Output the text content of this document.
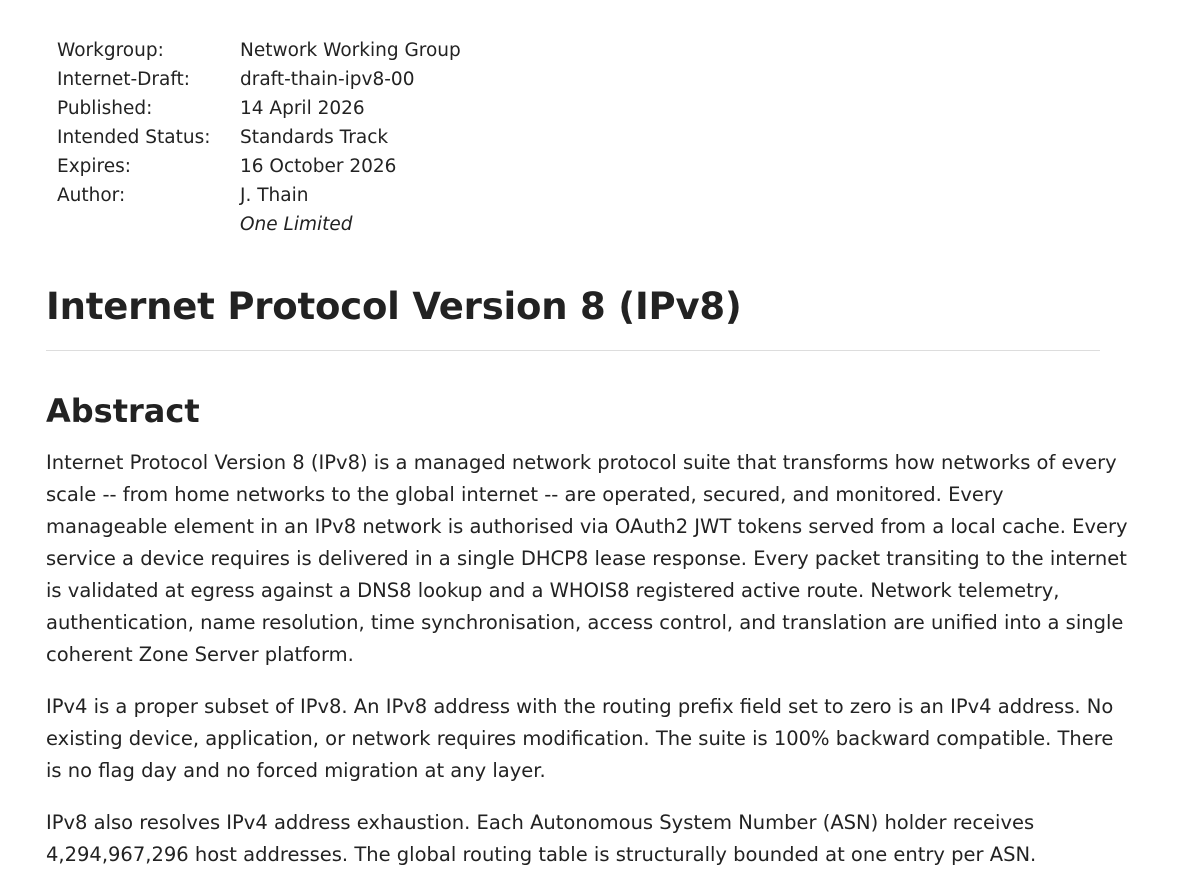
Workgroup:	Network Working Group
Internet-Draft:	draft-thain-ipv8-00
Published:	14 April 2026
Intended Status:	Standards Track
Expires:	16 October 2026
Author:	J. Thain
	One Limited
Internet Protocol Version 8 (IPv8)
Abstract

Internet Protocol Version 8 (IPv8) is a managed network protocol suite that transforms how networks of every
scale -- from home networks to the global internet -- are operated, secured, and monitored. Every
manageable element in an IPv8 network is authorised via OAuth2 JWT tokens served from a local cache. Every
service a device requires is delivered in a single DHCP8 lease response. Every packet transiting to the internet
is validated at egress against a DNS8 lookup and a WHOIS8 registered active route. Network telemetry,
authentication, name resolution, time synchronisation, access control, and translation are unified into a single
coherent Zone Server platform.

IPv4 is a proper subset of IPv8. An IPv8 address with the routing prefix field set to zero is an IPv4 address. No
existing device, application, or network requires modification. The suite is 100% backward compatible. There
is no flag day and no forced migration at any layer.

IPv8 also resolves IPv4 address exhaustion. Each Autonomous System Number (ASN) holder receives
4,294,967,296 host addresses. The global routing table is structurally bounded at one entry per ASN.
